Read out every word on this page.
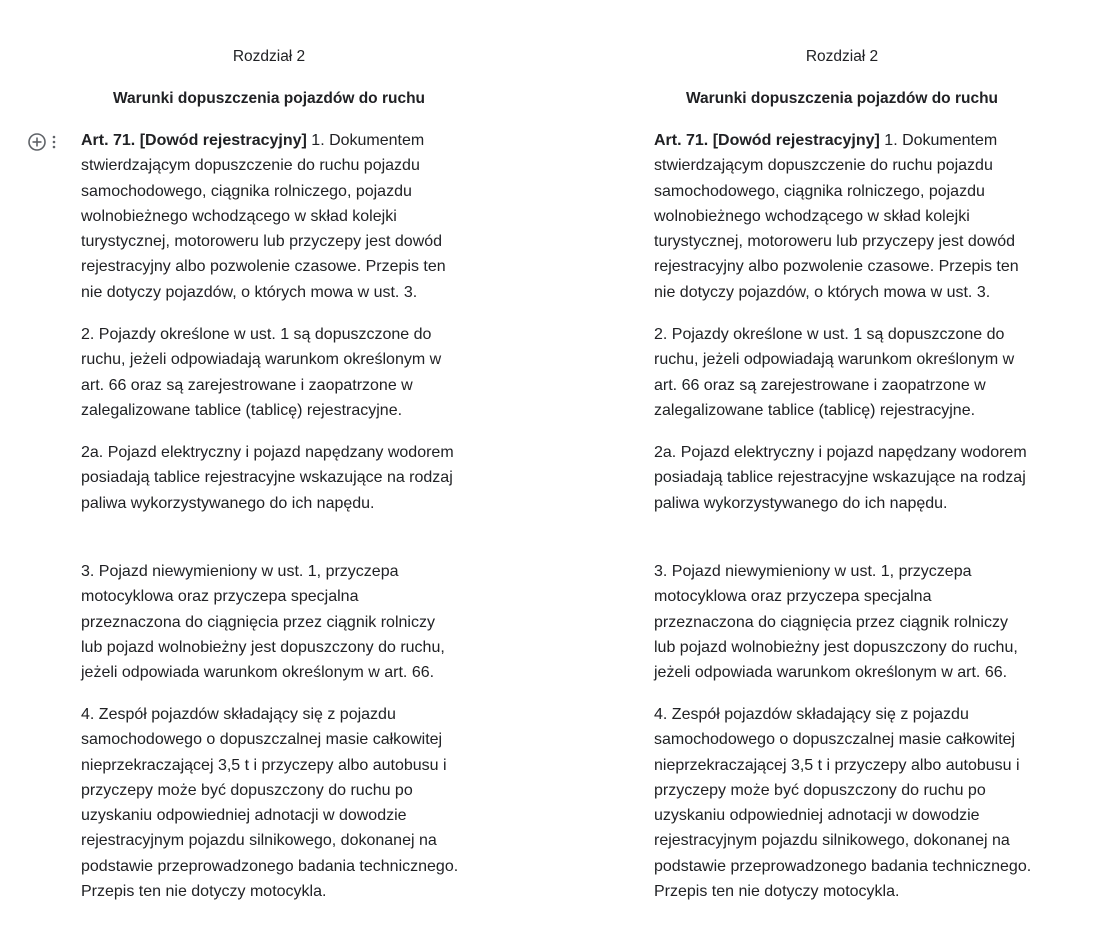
Rozdział 2

Warunki dopuszczenia pojazdów do ruchu

Art. 71. [Dowód rejestracyjny] 1. Dokumentem stwierdzającym dopuszczenie do ruchu pojazdu samochodowego, ciągnika rolniczego, pojazdu wolnobieżnego wchodzącego w skład kolejki turystycznej, motoroweru lub przyczepy jest dowód rejestracyjny albo pozwolenie czasowe. Przepis ten nie dotyczy pojazdów, o których mowa w ust. 3.

2. Pojazdy określone w ust. 1 są dopuszczone do ruchu, jeżeli odpowiadają warunkom określonym w art. 66 oraz są zarejestrowane i zaopatrzone w zalegalizowane tablice (tablicę) rejestracyjne.

2a. Pojazd elektryczny i pojazd napędzany wodorem posiadają tablice rejestracyjne wskazujące na rodzaj paliwa wykorzystywanego do ich napędu.

3. Pojazd niewymieniony w ust. 1, przyczepa motocyklowa oraz przyczepa specjalna przeznaczona do ciągnięcia przez ciągnik rolniczy lub pojazd wolnobieżny jest dopuszczony do ruchu, jeżeli odpowiada warunkom określonym w art. 66.

4. Zespół pojazdów składający się z pojazdu samochodowego o dopuszczalnej masie całkowitej nieprzekraczającej 3,5 t i przyczepy albo autobusu i przyczepy może być dopuszczony do ruchu po uzyskaniu odpowiedniej adnotacji w dowodzie rejestracyjnym pojazdu silnikowego, dokonanej na podstawie przeprowadzonego badania technicznego. Przepis ten nie dotyczy motocykla.

Rozdział 2

Warunki dopuszczenia pojazdów do ruchu

Art. 71. [Dowód rejestracyjny] 1. Dokumentem stwierdzającym dopuszczenie do ruchu pojazdu samochodowego, ciągnika rolniczego, pojazdu wolnobieżnego wchodzącego w skład kolejki turystycznej, motoroweru lub przyczepy jest dowód rejestracyjny albo pozwolenie czasowe. Przepis ten nie dotyczy pojazdów, o których mowa w ust. 3.

2. Pojazdy określone w ust. 1 są dopuszczone do ruchu, jeżeli odpowiadają warunkom określonym w art. 66 oraz są zarejestrowane i zaopatrzone w zalegalizowane tablice (tablicę) rejestracyjne.

2a. Pojazd elektryczny i pojazd napędzany wodorem posiadają tablice rejestracyjne wskazujące na rodzaj paliwa wykorzystywanego do ich napędu.

3. Pojazd niewymieniony w ust. 1, przyczepa motocyklowa oraz przyczepa specjalna przeznaczona do ciągnięcia przez ciągnik rolniczy lub pojazd wolnobieżny jest dopuszczony do ruchu, jeżeli odpowiada warunkom określonym w art. 66.

4. Zespół pojazdów składający się z pojazdu samochodowego o dopuszczalnej masie całkowitej nieprzekraczającej 3,5 t i przyczepy albo autobusu i przyczepy może być dopuszczony do ruchu po uzyskaniu odpowiedniej adnotacji w dowodzie rejestracyjnym pojazdu silnikowego, dokonanej na podstawie przeprowadzonego badania technicznego. Przepis ten nie dotyczy motocykla.
